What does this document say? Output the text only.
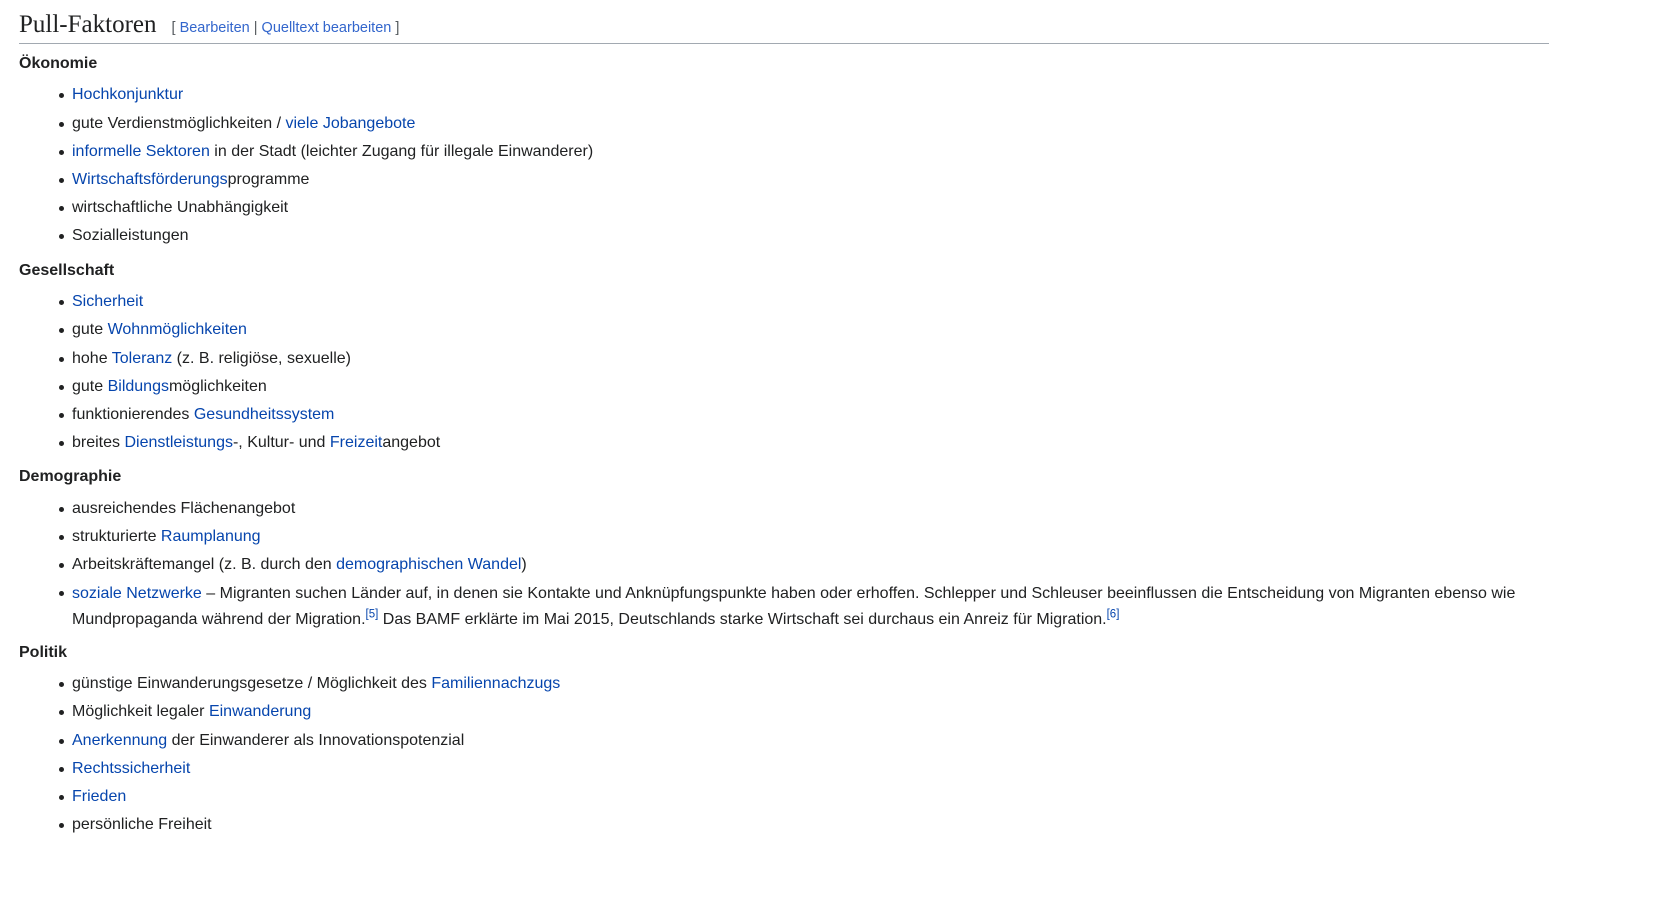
Pull-Faktoren [ Bearbeiten | Quelltext bearbeiten ]
Ökonomie
Hochkonjunktur
gute Verdienstmöglichkeiten / viele Jobangebote
informelle Sektoren in der Stadt (leichter Zugang für illegale Einwanderer)
Wirtschaftsförderungsprogramme
wirtschaftliche Unabhängigkeit
Sozialleistungen
Gesellschaft
Sicherheit
gute Wohnmöglichkeiten
hohe Toleranz (z. B. religiöse, sexuelle)
gute Bildungsmöglichkeiten
funktionierendes Gesundheitssystem
breites Dienstleistungs-, Kultur- und Freizeitangebot
Demographie
ausreichendes Flächenangebot
strukturierte Raumplanung
Arbeitskräftemangel (z. B. durch den demographischen Wandel)
soziale Netzwerke – Migranten suchen Länder auf, in denen sie Kontakte und Anknüpfungspunkte haben oder erhoffen. Schlepper und Schleuser beeinflussen die Entscheidung von Migranten ebenso wie Mundpropaganda während der Migration.[5] Das BAMF erklärte im Mai 2015, Deutschlands starke Wirtschaft sei durchaus ein Anreiz für Migration.[6]
Politik
günstige Einwanderungsgesetze / Möglichkeit des Familiennachzugs
Möglichkeit legaler Einwanderung
Anerkennung der Einwanderer als Innovationspotenzial
Rechtssicherheit
Frieden
persönliche Freiheit
